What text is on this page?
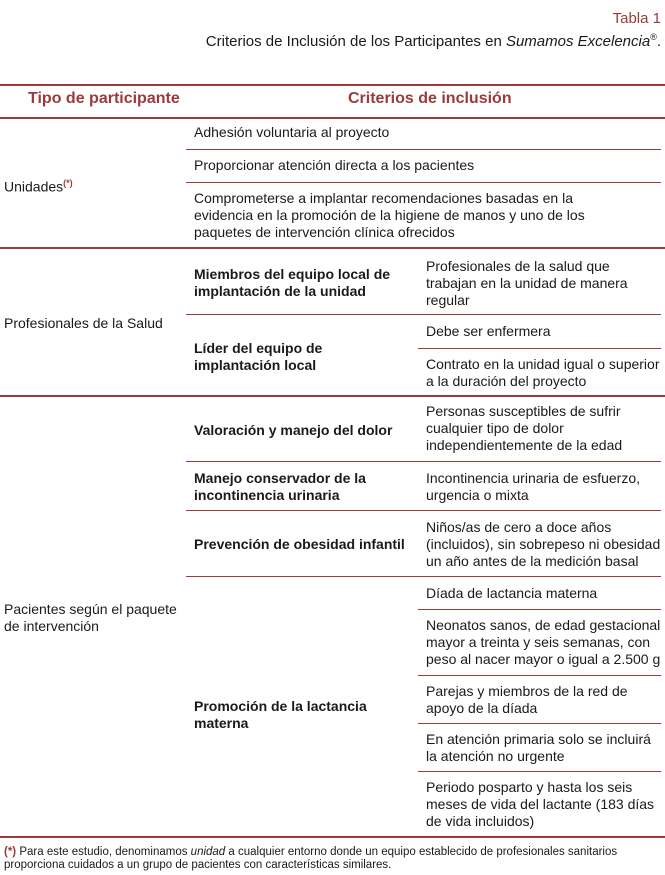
Tabla 1
Criterios de Inclusión de los Participantes en Sumamos Excelencia®.
Tipo de participante	Criterios de inclusión
Unidades(*)
Adhesión voluntaria al proyecto
Proporcionar atención directa a los pacientes
Comprometerse a implantar recomendaciones basadas en la evidencia en la promoción de la higiene de manos y uno de los paquetes de intervención clínica ofrecidos
Profesionales de la Salud
Miembros del equipo local de implantación de la unidad
Profesionales de la salud que trabajan en la unidad de manera regular
Líder del equipo de implantación local
Debe ser enfermera
Contrato en la unidad igual o superior a la duración del proyecto
Pacientes según el paquete de intervención
Valoración y manejo del dolor
Personas susceptibles de sufrir cualquier tipo de dolor independientemente de la edad
Manejo conservador de la incontinencia urinaria
Incontinencia urinaria de esfuerzo, urgencia o mixta
Prevención de obesidad infantil
Niños/as de cero a doce años (incluidos), sin sobrepeso ni obesidad un año antes de la medición basal
Promoción de la lactancia materna
Díada de lactancia materna
Neonatos sanos, de edad gestacional mayor a treinta y seis semanas, con peso al nacer mayor o igual a 2.500 g
Parejas y miembros de la red de apoyo de la díada
En atención primaria solo se incluirá la atención no urgente
Periodo posparto y hasta los seis meses de vida del lactante (183 días de vida incluidos)
(*) Para este estudio, denominamos unidad a cualquier entorno donde un equipo establecido de profesionales sanitarios proporciona cuidados a un grupo de pacientes con características similares.
